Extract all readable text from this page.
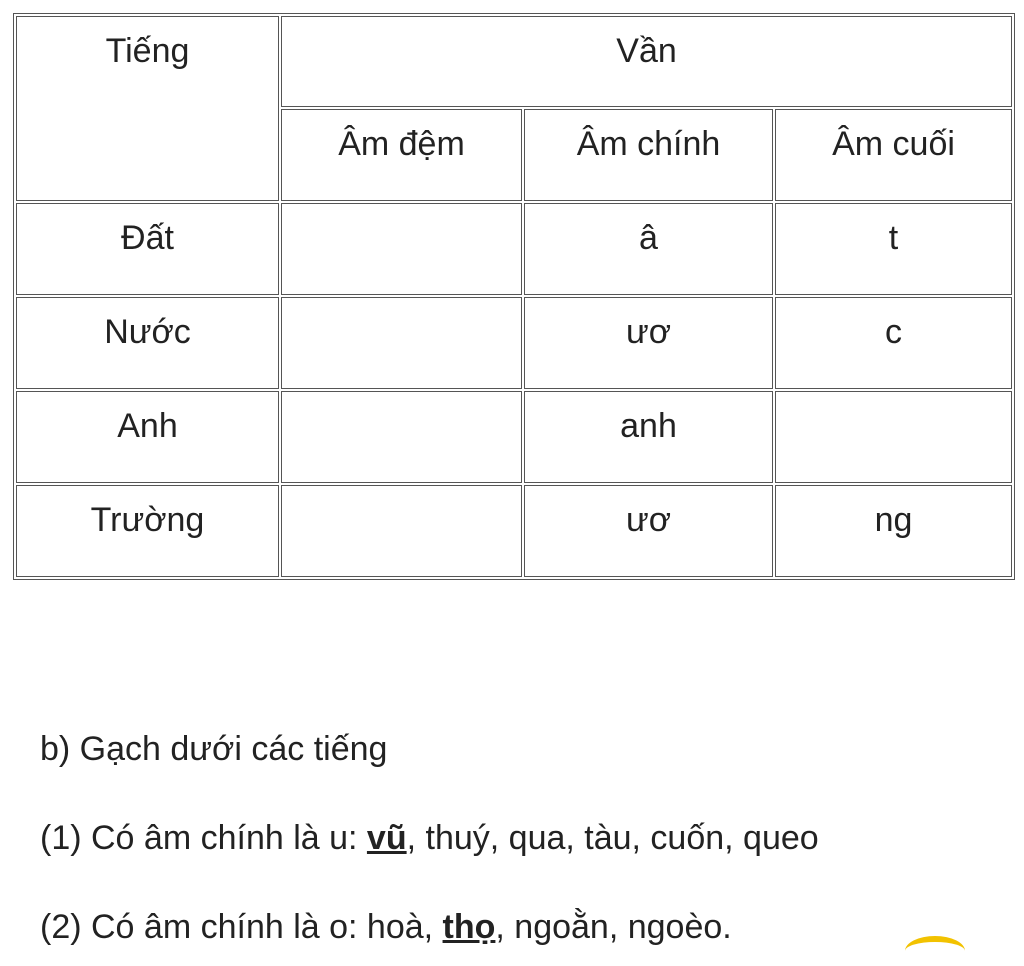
Tiếng	Vần		
	Âm đệm	Âm chính	Âm cuối
Đất		â	t
Nước		ươ	c
Anh		anh	
Trường		ươ	ng
b) Gạch dưới các tiếng
(1) Có âm chính là u: vũ, thuý, qua, tàu, cuốn, queo
(2) Có âm chính là o: hoà, thọ, ngoằn, ngoèo.
